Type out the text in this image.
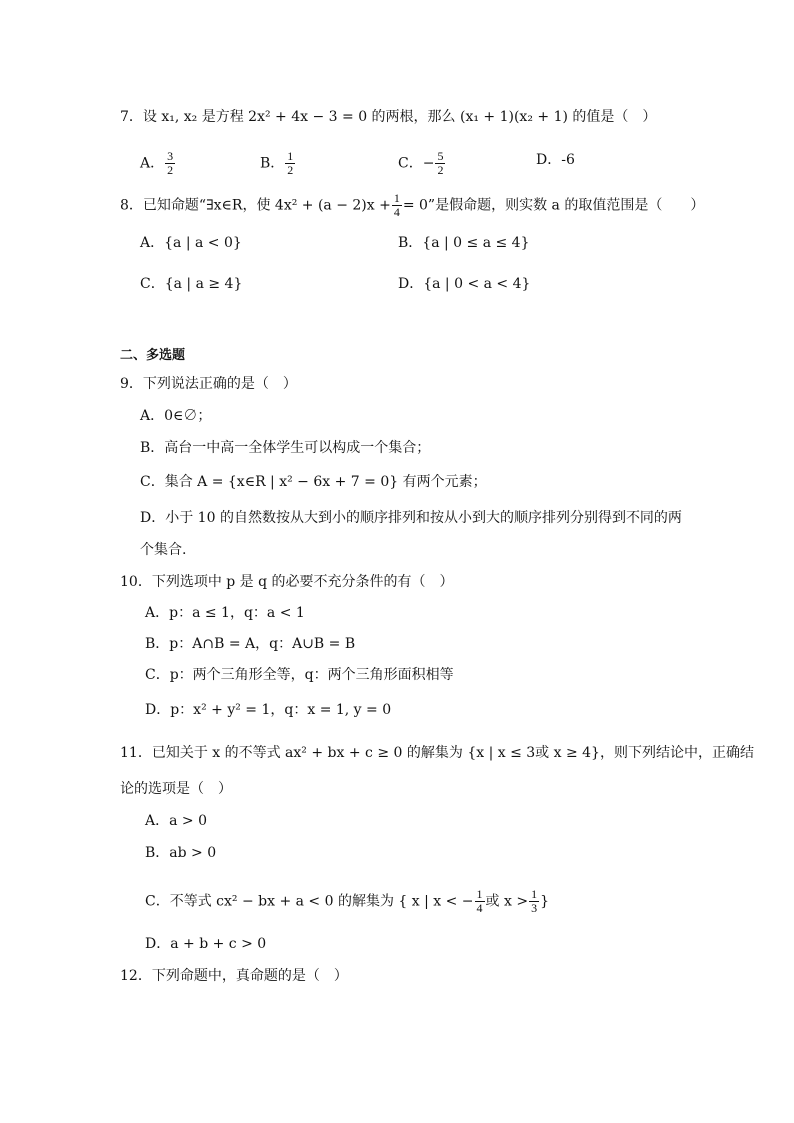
7．设 x₁, x₂ 是方程 2x² + 4x − 3 = 0 的两根，那么 (x₁ + 1)(x₂ + 1) 的值是（　）
A． $\frac{3}{2}$	B． $\frac{1}{2}$	C．− $\frac{5}{2}$	D．-6
8．已知命题“∃x∈R，使 $4x^2 + (a - 2)x + \frac{1}{4} = 0$”是假命题，则实数 a 的取值范围是（　　）
A．{a | a < 0}	B．{a | 0 ≤ a ≤ 4}
C．{a | a ≥ 4}	D．{a | 0 < a < 4}
二、多选题
9．下列说法正确的是（　）
A．0∈∅；
B．高台一中高一全体学生可以构成一个集合；
C．集合 A = {x∈R | x² − 6x + 7 = 0} 有两个元素；
D．小于 10 的自然数按从大到小的顺序排列和按从小到大的顺序排列分别得到不同的两
个集合.
10．下列选项中 p 是 q 的必要不充分条件的有（　）
A．p：a ≤ 1，q：a < 1
B．p：A∩B = A，q：A∪B = B
C．p：两个三角形全等，q：两个三角形面积相等
D．p：x² + y² = 1，q：x = 1, y = 0
11．已知关于 x 的不等式 ax² + bx + c ≥ 0 的解集为 {x | x ≤ 3或 x ≥ 4}，则下列结论中，正确结
论的选项是（　）
A．a > 0
B．ab > 0
C．不等式 cx² − bx + a < 0 的解集为 { x | x < − $\frac{1}{4}$ 或 $x > \frac{1}{3}$ }
D．a + b + c > 0
12．下列命题中，真命题的是（　）
